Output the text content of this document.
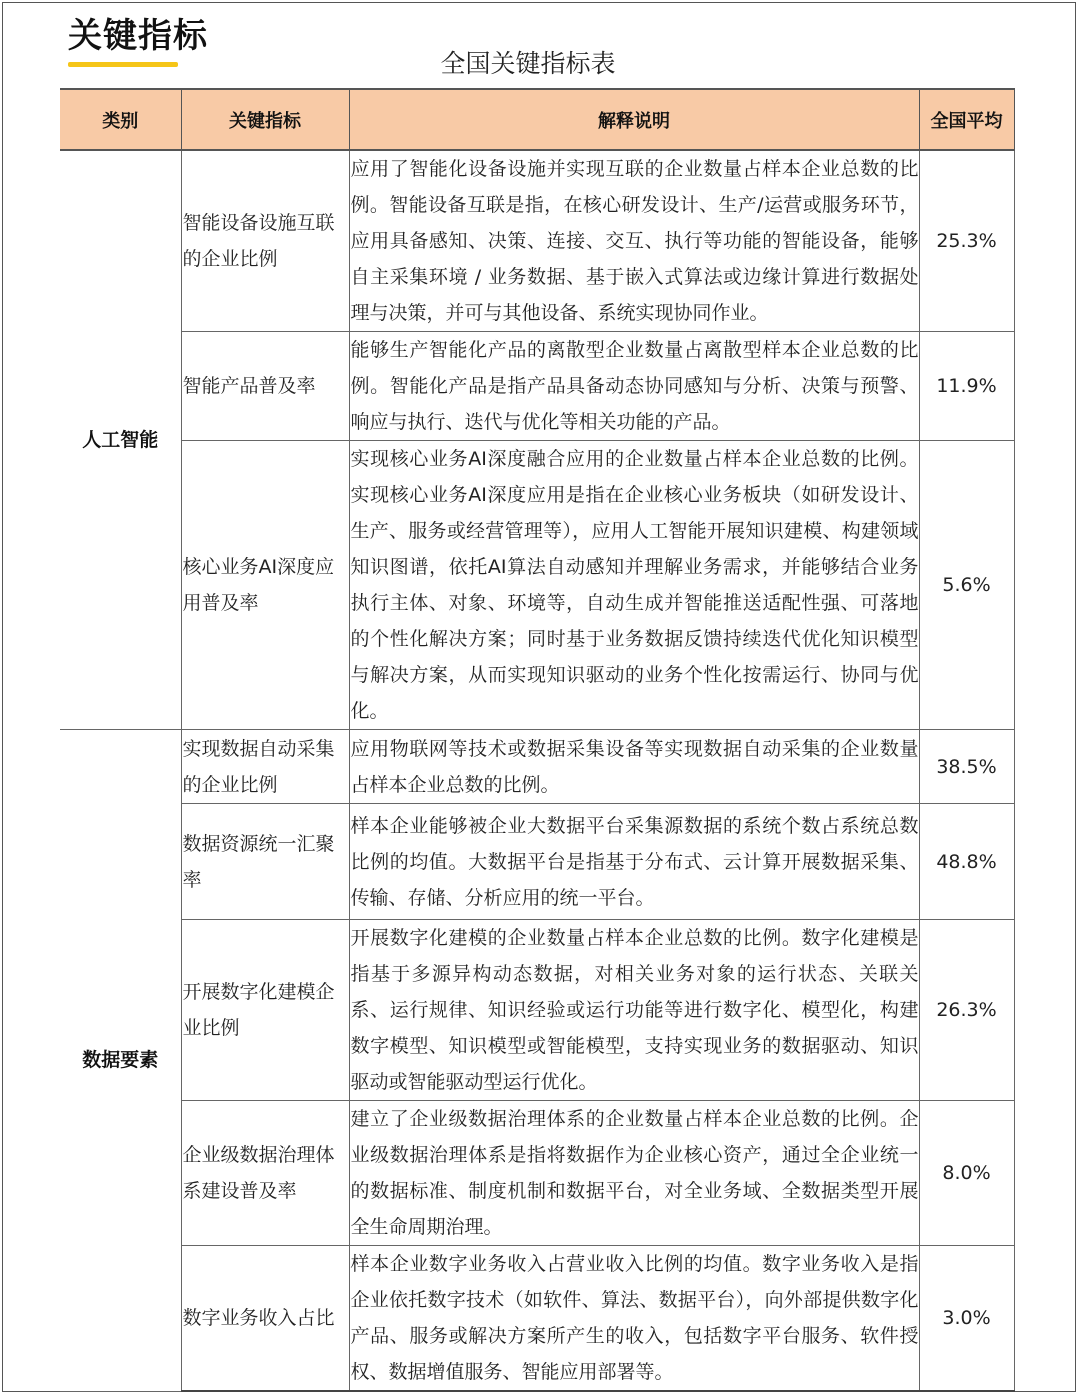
关键指标
全国关键指标表
类别	关键指标	解释说明	全国平均
人工智能	智能设备设施互联的企业比例	应用了智能化设备设施并实现互联的企业数量占样本企业总数的比例。智能设备互联是指，在核心研发设计、生产/运营或服务环节，应用具备感知、决策、连接、交互、执行等功能的智能设备，能够自主采集环境 / 业务数据、基于嵌入式算法或边缘计算进行数据处理与决策，并可与其他设备、系统实现协同作业。	25.3%
	智能产品普及率	能够生产智能化产品的离散型企业数量占离散型样本企业总数的比例。智能化产品是指产品具备动态协同感知与分析、决策与预警、响应与执行、迭代与优化等相关功能的产品。	11.9%
	核心业务AI深度应用普及率	实现核心业务AI深度融合应用的企业数量占样本企业总数的比例。实现核心业务AI深度应用是指在企业核心业务板块（如研发设计、生产、服务或经营管理等），应用人工智能开展知识建模、构建领域知识图谱，依托AI算法自动感知并理解业务需求，并能够结合业务执行主体、对象、环境等，自动生成并智能推送适配性强、可落地的个性化解决方案；同时基于业务数据反馈持续迭代优化知识模型与解决方案，从而实现知识驱动的业务个性化按需运行、协同与优化。	5.6%
数据要素	实现数据自动采集的企业比例	应用物联网等技术或数据采集设备等实现数据自动采集的企业数量占样本企业总数的比例。	38.5%
	数据资源统一汇聚率	样本企业能够被企业大数据平台采集源数据的系统个数占系统总数比例的均值。大数据平台是指基于分布式、云计算开展数据采集、传输、存储、分析应用的统一平台。	48.8%
	开展数字化建模企业比例	开展数字化建模的企业数量占样本企业总数的比例。数字化建模是指基于多源异构动态数据，对相关业务对象的运行状态、关联关系、运行规律、知识经验或运行功能等进行数字化、模型化，构建数字模型、知识模型或智能模型，支持实现业务的数据驱动、知识驱动或智能驱动型运行优化。	26.3%
	企业级数据治理体系建设普及率	建立了企业级数据治理体系的企业数量占样本企业总数的比例。企业级数据治理体系是指将数据作为企业核心资产，通过全企业统一的数据标准、制度机制和数据平台，对全业务域、全数据类型开展全生命周期治理。	8.0%
	数字业务收入占比	样本企业数字业务收入占营业收入比例的均值。数字业务收入是指企业依托数字技术（如软件、算法、数据平台），向外部提供数字化产品、服务或解决方案所产生的收入，包括数字平台服务、软件授权、数据增值服务、智能应用部署等。	3.0%
